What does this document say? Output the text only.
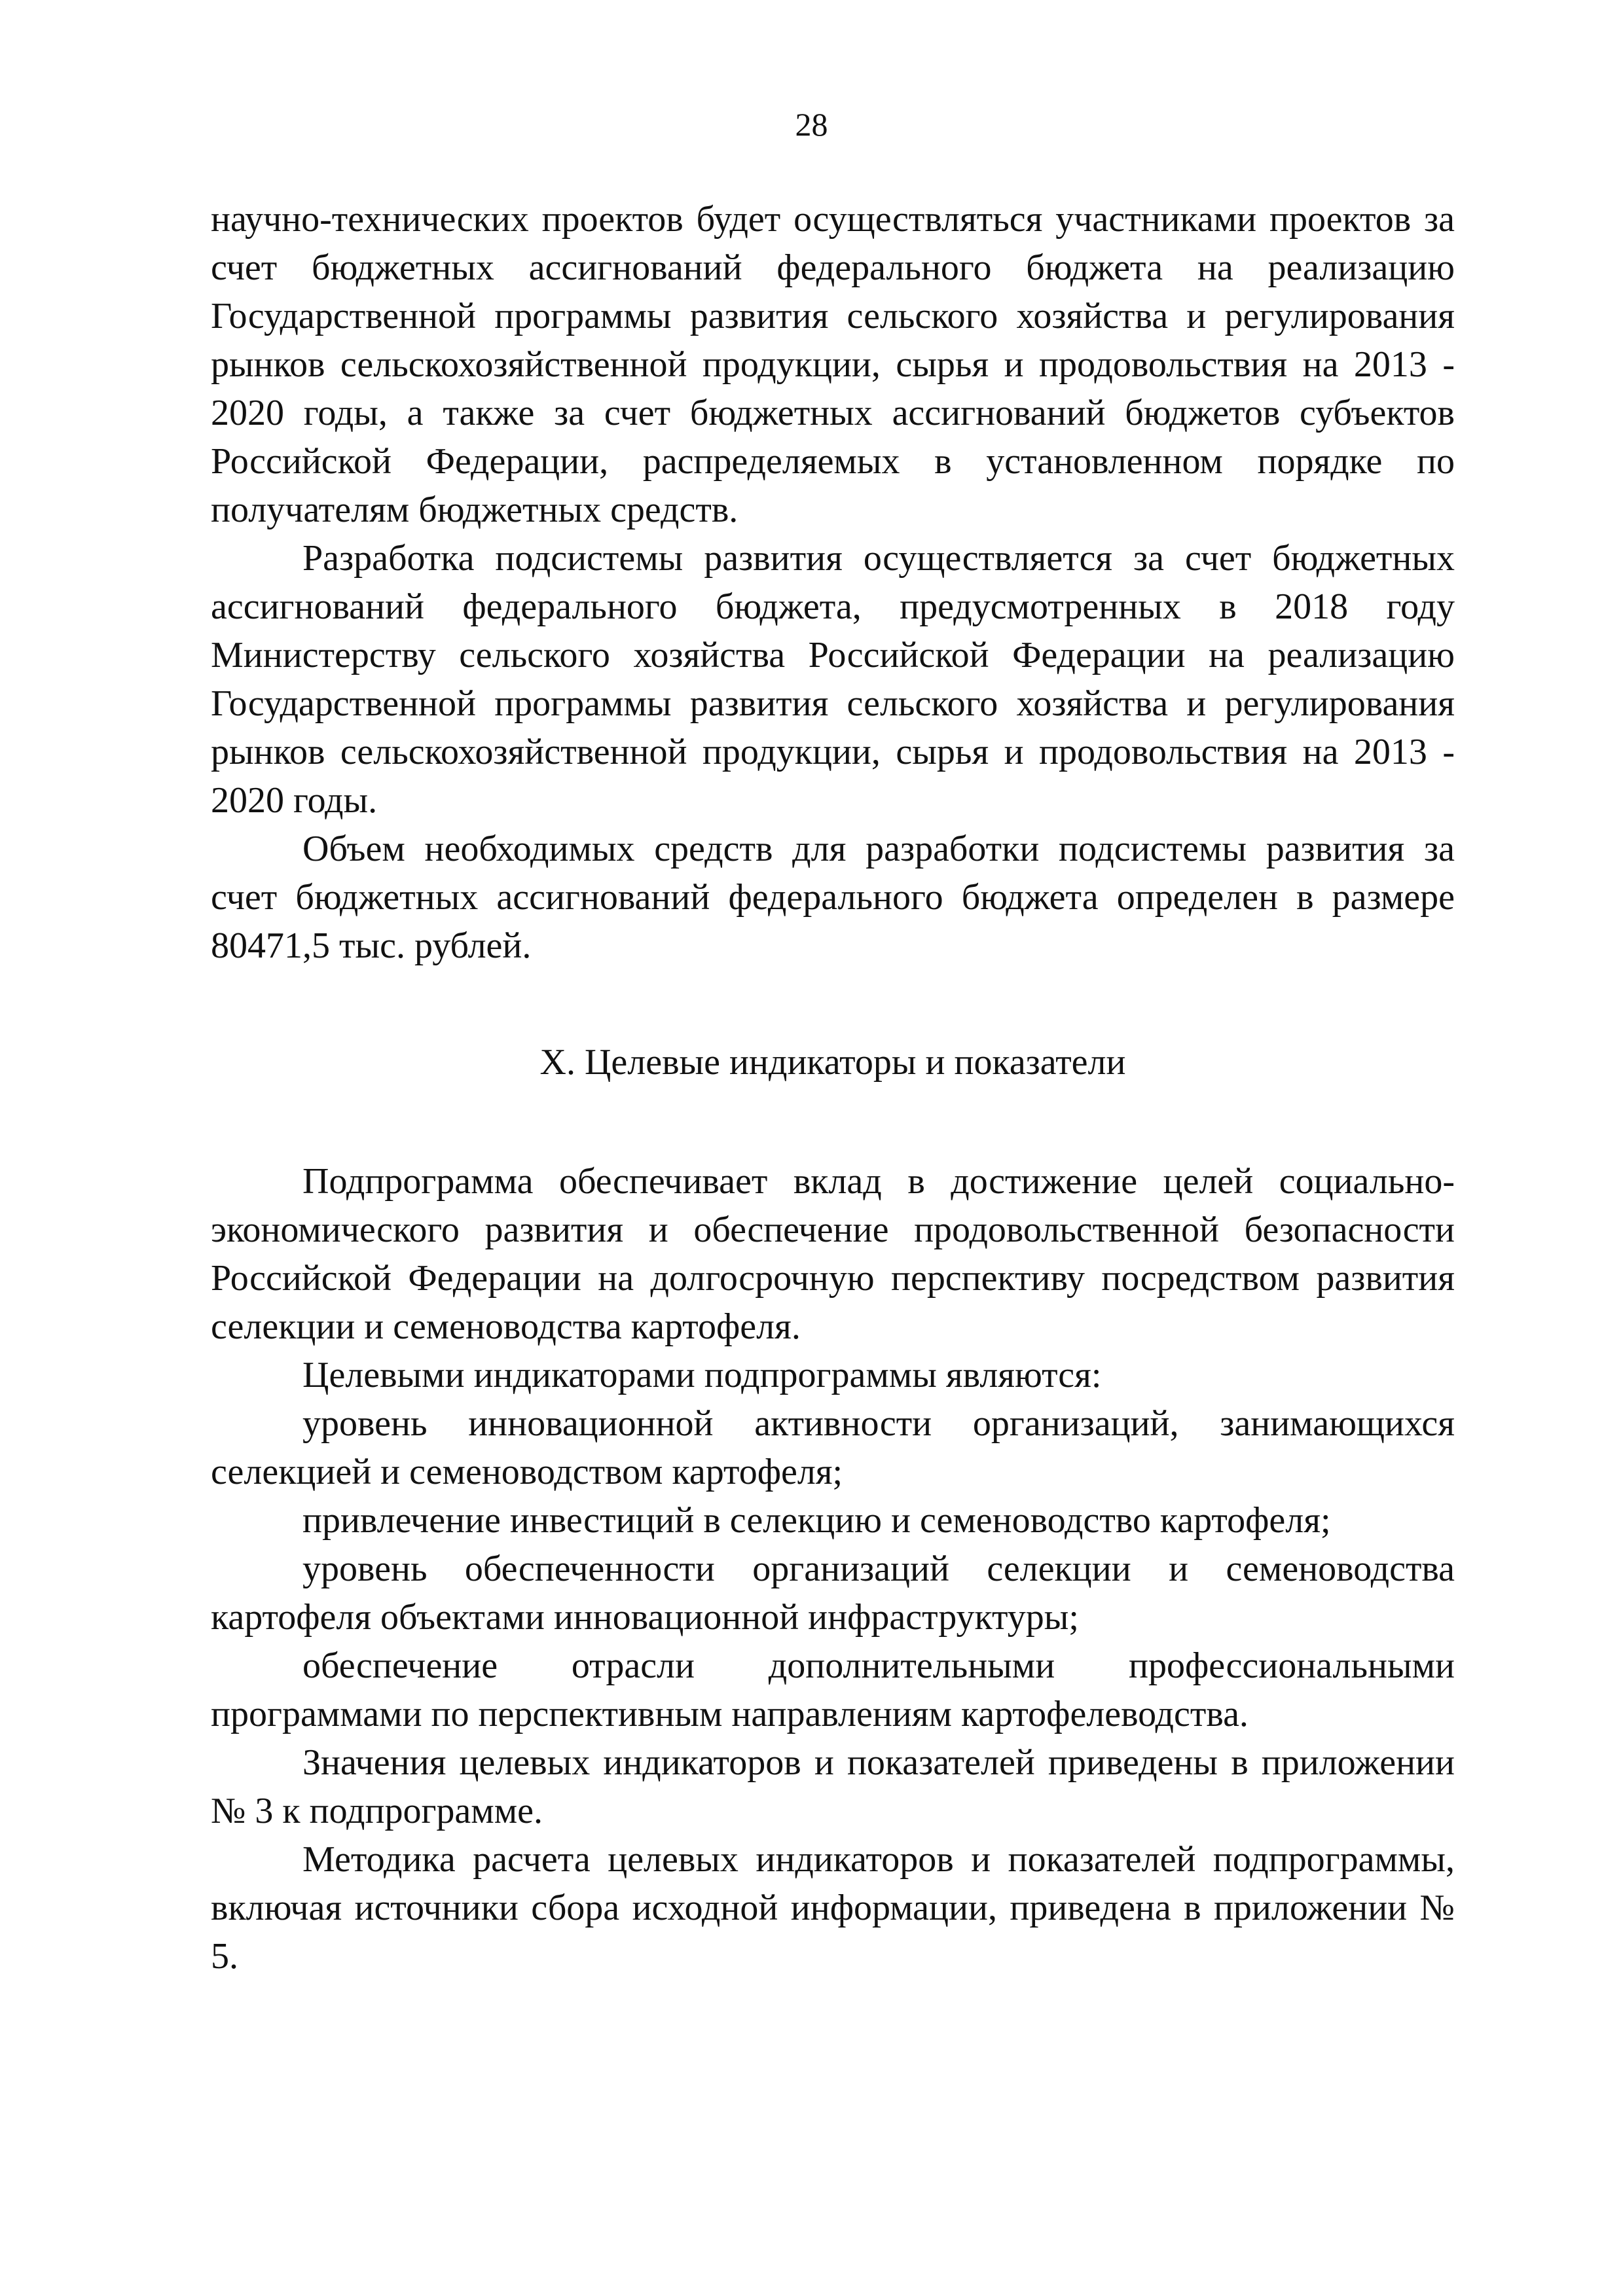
28

научно-технических проектов будет осуществляться участниками проектов за счет бюджетных ассигнований федерального бюджета на реализацию Государственной программы развития сельского хозяйства и регулирования рынков сельскохозяйственной продукции, сырья и продовольствия на 2013 - 2020 годы, а также за счет бюджетных ассигнований бюджетов субъектов Российской Федерации, распределяемых в установленном порядке по получателям бюджетных средств.

Разработка подсистемы развития осуществляется за счет бюджетных ассигнований федерального бюджета, предусмотренных в 2018 году Министерству сельского хозяйства Российской Федерации на реализацию Государственной программы развития сельского хозяйства и регулирования рынков сельскохозяйственной продукции, сырья и продовольствия на 2013 - 2020 годы.

Объем необходимых средств для разработки подсистемы развития за счет бюджетных ассигнований федерального бюджета определен в размере 80471,5 тыс. рублей.

X. Целевые индикаторы и показатели

Подпрограмма обеспечивает вклад в достижение целей социально-экономического развития и обеспечение продовольственной безопасности Российской Федерации на долгосрочную перспективу посредством развития селекции и семеноводства картофеля.

Целевыми индикаторами подпрограммы являются:

уровень инновационной активности организаций, занимающихся селекцией и семеноводством картофеля;

привлечение инвестиций в селекцию и семеноводство картофеля;

уровень обеспеченности организаций селекции и семеноводства картофеля объектами инновационной инфраструктуры;

обеспечение отрасли дополнительными профессиональными программами по перспективным направлениям картофелеводства.

Значения целевых индикаторов и показателей приведены в приложении № 3 к подпрограмме.

Методика расчета целевых индикаторов и показателей подпрограммы, включая источники сбора исходной информации, приведена в приложении № 5.
